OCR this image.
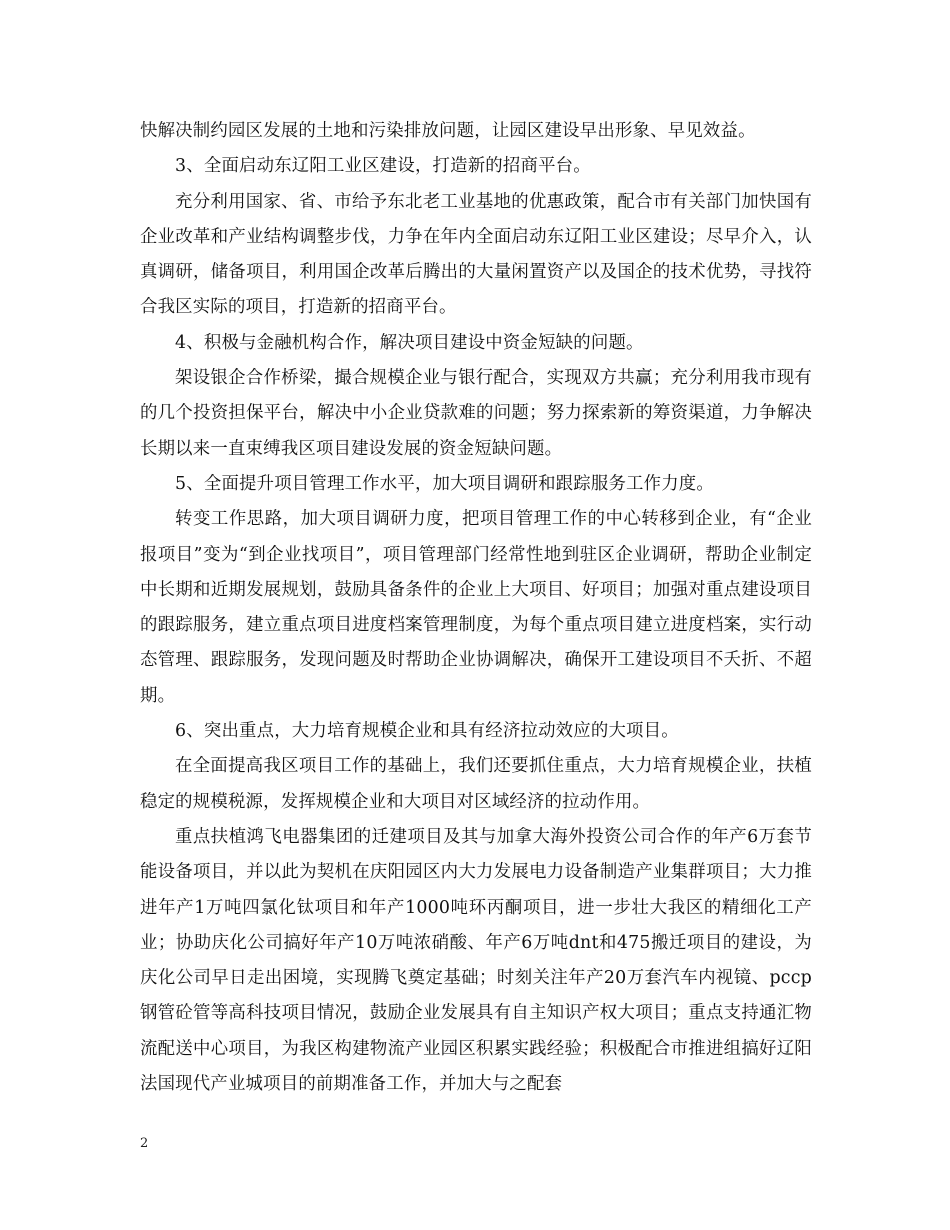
快解决制约园区发展的土地和污染排放问题，让园区建设早出形象、早见效益。

3、全面启动东辽阳工业区建设，打造新的招商平台。

充分利用国家、省、市给予东北老工业基地的优惠政策，配合市有关部门加快国有企业改革和产业结构调整步伐，力争在年内全面启动东辽阳工业区建设；尽早介入，认真调研，储备项目，利用国企改革后腾出的大量闲置资产以及国企的技术优势，寻找符合我区实际的项目，打造新的招商平台。

4、积极与金融机构合作，解决项目建设中资金短缺的问题。

架设银企合作桥梁，撮合规模企业与银行配合，实现双方共赢；充分利用我市现有的几个投资担保平台，解决中小企业贷款难的问题；努力探索新的筹资渠道，力争解决长期以来一直束缚我区项目建设发展的资金短缺问题。

5、全面提升项目管理工作水平，加大项目调研和跟踪服务工作力度。

转变工作思路，加大项目调研力度，把项目管理工作的中心转移到企业，有“企业报项目”变为“到企业找项目”，项目管理部门经常性地到驻区企业调研，帮助企业制定中长期和近期发展规划，鼓励具备条件的企业上大项目、好项目；加强对重点建设项目的跟踪服务，建立重点项目进度档案管理制度，为每个重点项目建立进度档案，实行动态管理、跟踪服务，发现问题及时帮助企业协调解决，确保开工建设项目不夭折、不超期。

6、突出重点，大力培育规模企业和具有经济拉动效应的大项目。

在全面提高我区项目工作的基础上，我们还要抓住重点，大力培育规模企业，扶植稳定的规模税源，发挥规模企业和大项目对区域经济的拉动作用。

重点扶植鸿飞电器集团的迁建项目及其与加拿大海外投资公司合作的年产6万套节能设备项目，并以此为契机在庆阳园区内大力发展电力设备制造产业集群项目；大力推进年产1万吨四氯化钛项目和年产1000吨环丙酮项目，进一步壮大我区的精细化工产业；协助庆化公司搞好年产10万吨浓硝酸、年产6万吨dnt和475搬迁项目的建设，为庆化公司早日走出困境，实现腾飞奠定基础；时刻关注年产20万套汽车内视镜、pccp钢管砼管等高科技项目情况，鼓励企业发展具有自主知识产权大项目；重点支持通汇物流配送中心项目，为我区构建物流产业园区积累实践经验；积极配合市推进组搞好辽阳法国现代产业城项目的前期准备工作，并加大与之配套

2
